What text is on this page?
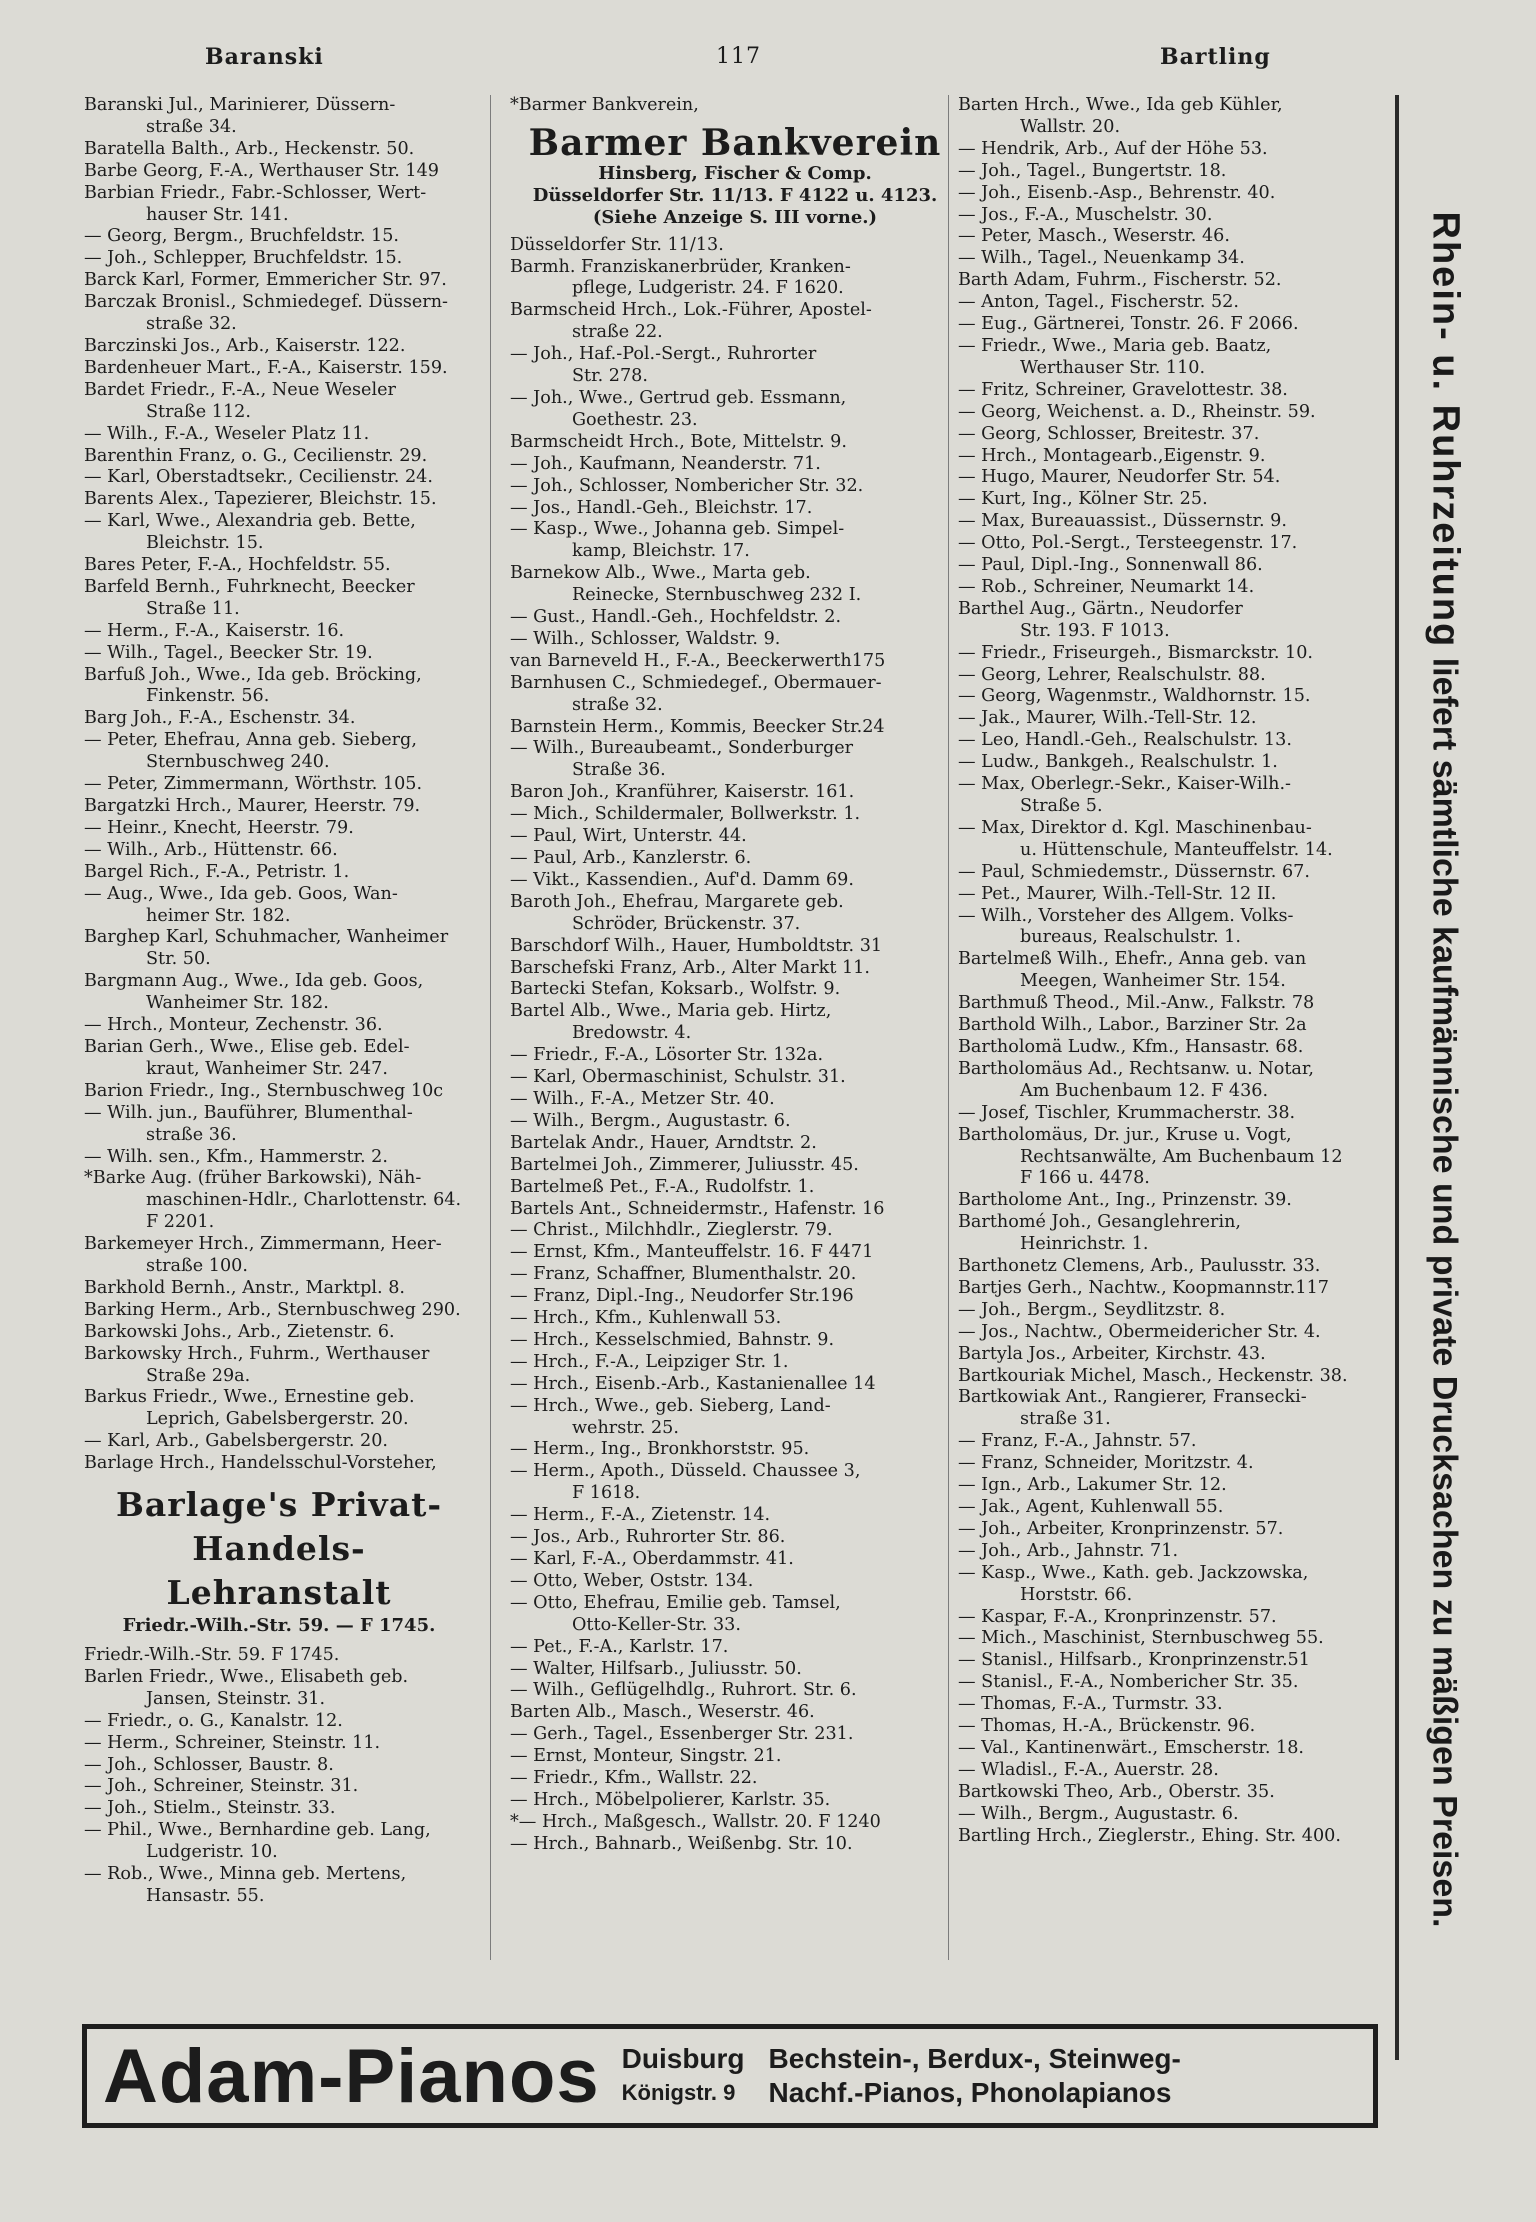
Baranski	117	Bartling
Baranski Jul., Marinierer, Düssern-
straße 34.
Baratella Balth., Arb., Heckenstr. 50.
Barbe Georg, F.-A., Werthauser Str. 149
Barbian Friedr., Fabr.-Schlosser, Wert-
hauser Str. 141.
— Georg, Bergm., Bruchfeldstr. 15.
— Joh., Schlepper, Bruchfeldstr. 15.
Barck Karl, Former, Emmericher Str. 97.
Barczak Bronisl., Schmiedegef. Düssern-
straße 32.
Barczinski Jos., Arb., Kaiserstr. 122.
Bardenheuer Mart., F.-A., Kaiserstr. 159.
Bardet Friedr., F.-A., Neue Weseler
Straße 112.
— Wilh., F.-A., Weseler Platz 11.
Barenthin Franz, o. G., Cecilienstr. 29.
— Karl, Oberstadtsekr., Cecilienstr. 24.
Barents Alex., Tapezierer, Bleichstr. 15.
— Karl, Wwe., Alexandria geb. Bette,
Bleichstr. 15.
Bares Peter, F.-A., Hochfeldstr. 55.
Barfeld Bernh., Fuhrknecht, Beecker
Straße 11.
— Herm., F.-A., Kaiserstr. 16.
— Wilh., Tagel., Beecker Str. 19.
Barfuß Joh., Wwe., Ida geb. Bröcking,
Finkenstr. 56.
Barg Joh., F.-A., Eschenstr. 34.
— Peter, Ehefrau, Anna geb. Sieberg,
Sternbuschweg 240.
— Peter, Zimmermann, Wörthstr. 105.
Bargatzki Hrch., Maurer, Heerstr. 79.
— Heinr., Knecht, Heerstr. 79.
— Wilh., Arb., Hüttenstr. 66.
Bargel Rich., F.-A., Petristr. 1.
— Aug., Wwe., Ida geb. Goos, Wan-
heimer Str. 182.
Barghер Karl, Schuhmacher, Wanheimer
Str. 50.
Bargmann Aug., Wwe., Ida geb. Goos,
Wanheimer Str. 182.
— Hrch., Monteur, Zechenstr. 36.
Barian Gerh., Wwe., Elise geb. Edel-
kraut, Wanheimer Str. 247.
Barion Friedr., Ing., Sternbuschweg 10c
— Wilh. jun., Bauführer, Blumenthal-
straße 36.
— Wilh. sen., Kfm., Hammerstr. 2.
*Barke Aug. (früher Barkowski), Näh-
maschinen-Hdlr., Charlottenstr. 64.
F 2201.
Barkemeyer Hrch., Zimmermann, Heer-
straße 100.
Barkhold Bernh., Anstr., Marktpl. 8.
Barking Herm., Arb., Sternbuschweg 290.
Barkowski Johs., Arb., Zietenstr. 6.
Barkowsky Hrch., Fuhrm., Werthauser
Straße 29a.
Barkus Friedr., Wwe., Ernestine geb.
Leprich, Gabelsbergerstr. 20.
— Karl, Arb., Gabelsbergerstr. 20.
Barlage Hrch., Handelsschul-Vorsteher,
Barlage's Privat-
Handels-Lehranstalt
Friedr.-Wilh.-Str. 59. — F 1745.
Friedr.-Wilh.-Str. 59. F 1745.
Barlen Friedr., Wwe., Elisabeth geb.
Jansen, Steinstr. 31.
— Friedr., o. G., Kanalstr. 12.
— Herm., Schreiner, Steinstr. 11.
— Joh., Schlosser, Baustr. 8.
— Joh., Schreiner, Steinstr. 31.
— Joh., Stielm., Steinstr. 33.
— Phil., Wwe., Bernhardine geb. Lang,
Ludgeristr. 10.
— Rob., Wwe., Minna geb. Mertens,
Hansastr. 55.
*Barmer Bankverein,
Barmer Bankverein
Hinsberg, Fischer & Comp.
Düsseldorfer Str. 11/13. F 4122 u. 4123.
(Siehe Anzeige S. III vorne.)
Düsseldorfer Str. 11/13.
Barmh. Franziskanerbrüder, Kranken-
pflege, Ludgeristr. 24. F 1620.
Barmscheid Hrch., Lok.-Führer, Apostel-
straße 22.
— Joh., Haf.-Pol.-Sergt., Ruhrorter
Str. 278.
— Joh., Wwe., Gertrud geb. Essmann,
Goethestr. 23.
Barmscheidt Hrch., Bote, Mittelstr. 9.
— Joh., Kaufmann, Neanderstr. 71.
— Joh., Schlosser, Nomberichеr Str. 32.
— Jos., Handl.-Geh., Bleichstr. 17.
— Kasp., Wwe., Johanna geb. Simpel-
kamp, Bleichstr. 17.
Barnekow Alb., Wwe., Marta geb.
Reinecke, Sternbuschweg 232 I.
— Gust., Handl.-Geh., Hochfeldstr. 2.
— Wilh., Schlosser, Waldstr. 9.
van Barneveld H., F.-A., Beeckerwerth175
Barnhusen C., Schmiedegef., Obermauer-
straße 32.
Barnstein Herm., Kommis, Beecker Str.24
— Wilh., Bureaubeamt., Sonderburger
Straße 36.
Baron Joh., Kranführer, Kaiserstr. 161.
— Mich., Schildermaler, Bollwerkstr. 1.
— Paul, Wirt, Unterstr. 44.
— Paul, Arb., Kanzlerstr. 6.
— Vikt., Kassendien., Auf'd. Damm 69.
Baroth Joh., Ehefrau, Margarete geb.
Schröder, Brückenstr. 37.
Barschdorf Wilh., Hauer, Humboldtstr. 31
Barschefski Franz, Arb., Alter Markt 11.
Barteckі Stefan, Koksarb., Wolfstr. 9.
Bartel Alb., Wwe., Maria geb. Hirtz,
Bredowstr. 4.
— Friedr., F.-A., Lösorter Str. 132a.
— Karl, Obermaschinist, Schulstr. 31.
— Wilh., F.-A., Metzer Str. 40.
— Wilh., Bergm., Augustastr. 6.
Bartelak Andr., Hauer, Arndtstr. 2.
Bartelmei Joh., Zimmerer, Juliusstr. 45.
Bartelmeß Pet., F.-A., Rudolfstr. 1.
Bartels Ant., Schneidermstr., Hafenstr. 16
— Christ., Milchhdlr., Zieglerstr. 79.
— Ernst, Kfm., Manteuffelstr. 16. F 4471
— Franz, Schaffner, Blumenthalstr. 20.
— Franz, Dipl.-Ing., Neudorfer Str.196
— Hrch., Kfm., Kuhlenwall 53.
— Hrch., Kesselschmied, Bahnstr. 9.
— Hrch., F.-A., Leipziger Str. 1.
— Hrch., Eisenb.-Arb., Kastanienallee 14
— Hrch., Wwe., geb. Sieberg, Land-
wehrstr. 25.
— Herm., Ing., Bronkhorststr. 95.
— Herm., Apoth., Düsseld. Chaussee 3,
F 1618.
— Herm., F.-A., Zietenstr. 14.
— Jos., Arb., Ruhrorter Str. 86.
— Karl, F.-A., Oberdammstr. 41.
— Otto, Weber, Oststr. 134.
— Otto, Ehefrau, Emilie geb. Tamsel,
Otto-Keller-Str. 33.
— Pet., F.-A., Karlstr. 17.
— Walter, Hilfsarb., Juliusstr. 50.
— Wilh., Geflügelhdlg., Ruhrort. Str. 6.
Barten Alb., Masch., Weserstr. 46.
— Gerh., Tagel., Essenberger Str. 231.
— Ernst, Monteur, Singstr. 21.
— Friedr., Kfm., Wallstr. 22.
— Hrch., Möbelpolierer, Karlstr. 35.
*— Hrch., Maßgesch., Wallstr. 20. F 1240
— Hrch., Bahnarb., Weißenbg. Str. 10.
Barten Hrch., Wwe., Ida geb Kühler,
Wallstr. 20.
— Hendrik, Arb., Auf der Höhe 53.
— Joh., Tagel., Bungertstr. 18.
— Joh., Eisenb.-Asp., Behrenstr. 40.
— Jos., F.-A., Muschelstr. 30.
— Peter, Masch., Weserstr. 46.
— Wilh., Tagel., Neuenkamp 34.
Barth Adam, Fuhrm., Fischerstr. 52.
— Anton, Tagel., Fischerstr. 52.
— Eug., Gärtnerei, Tonstr. 26. F 2066.
— Friedr., Wwe., Maria geb. Baatz,
Werthauser Str. 110.
— Fritz, Schreiner, Gravelottestr. 38.
— Georg, Weichenst. a. D., Rheinstr. 59.
— Georg, Schlosser, Breitestr. 37.
— Hrch., Montagearb.,Eigenstr. 9.
— Hugo, Maurer, Neudorfer Str. 54.
— Kurt, Ing., Kölner Str. 25.
— Max, Bureauassist., Düssernstr. 9.
— Otto, Pol.-Sergt., Tersteegenstr. 17.
— Paul, Dipl.-Ing., Sonnenwall 86.
— Rob., Schreiner, Neumarkt 14.
Barthel Aug., Gärtn., Neudorfer
Str. 193. F 1013.
— Friedr., Friseurgeh., Bismarckstr. 10.
— Georg, Lehrer, Realschulstr. 88.
— Georg, Wagenmstr., Waldhornstr. 15.
— Jak., Maurer, Wilh.-Tell-Str. 12.
— Leo, Handl.-Geh., Realschulstr. 13.
— Ludw., Bankgeh., Realschulstr. 1.
— Max, Oberlegr.-Sekr., Kaiser-Wilh.-
Straße 5.
— Max, Direktor d. Kgl. Maschinenbau-
u. Hüttenschule, Manteuffelstr. 14.
— Paul, Schmiedemstr., Düssernstr. 67.
— Pet., Maurer, Wilh.-Tell-Str. 12 II.
— Wilh., Vorsteher des Allgem. Volks-
bureaus, Realschulstr. 1.
Bartelmeß Wilh., Ehefr., Anna geb. van
Meegen, Wanheimer Str. 154.
Barthmuß Theod., Mil.-Anw., Falkstr. 78
Barthold Wilh., Labor., Barziner Str. 2a
Bartholomä Ludw., Kfm., Hansastr. 68.
Bartholomäus Ad., Rechtsanw. u. Notar,
Am Buchenbaum 12. F 436.
— Josef, Tischler, Krummacherstr. 38.
Bartholomäus, Dr. jur., Kruse u. Vogt,
Rechtsanwälte, Am Buchenbaum 12
F 166 u. 4478.
Bartholome Ant., Ing., Prinzenstr. 39.
Barthomé Joh., Gesanglehrerin,
Heinrichstr. 1.
Barthonеtz Clemens, Arb., Paulusstr. 33.
Bartjes Gerh., Nachtw., Koopmannstr.117
— Joh., Bergm., Seydlitzstr. 8.
— Jos., Nachtw., Obermeidericher Str. 4.
Bartyla Jos., Arbeiter, Kirchstr. 43.
Bartkouriak Michel, Masch., Heckenstr. 38.
Bartkowiak Ant., Rangierer, Franseckі-
straße 31.
— Franz, F.-A., Jahnstr. 57.
— Franz, Schneider, Moritzstr. 4.
— Ign., Arb., Lakumer Str. 12.
— Jak., Agent, Kuhlenwall 55.
— Joh., Arbeiter, Kronprinzenstr. 57.
— Joh., Arb., Jahnstr. 71.
— Kasp., Wwe., Kath. geb. Jackzowska,
Horststr. 66.
— Kaspar, F.-A., Kronprinzenstr. 57.
— Mich., Maschinist, Sternbuschweg 55.
— Stanisl., Hilfsarb., Kronprinzenstr.51
— Stanisl., F.-A., Nomberichеr Str. 35.
— Thomas, F.-A., Turmstr. 33.
— Thomas, H.-A., Brückenstr. 96.
— Val., Kantinenwärt., Emscherstr. 18.
— Wladisl., F.-A., Auerstr. 28.
Bartkowski Theo, Arb., Oberstr. 35.
— Wilh., Bergm., Augustastr. 6.
Bartling Hrch., Zieglerstr., Ehing. Str. 400.
Rhein- u. Ruhrzeitung liefert sämtliche kaufmännische und private Drucksachen zu mäßigen Preisen.
Adam-Pianos Duisburg
Königstr. 9
Bechstein-, Berdux-, Steinweg-
Nachf.-Pianos, Phonolapianos
